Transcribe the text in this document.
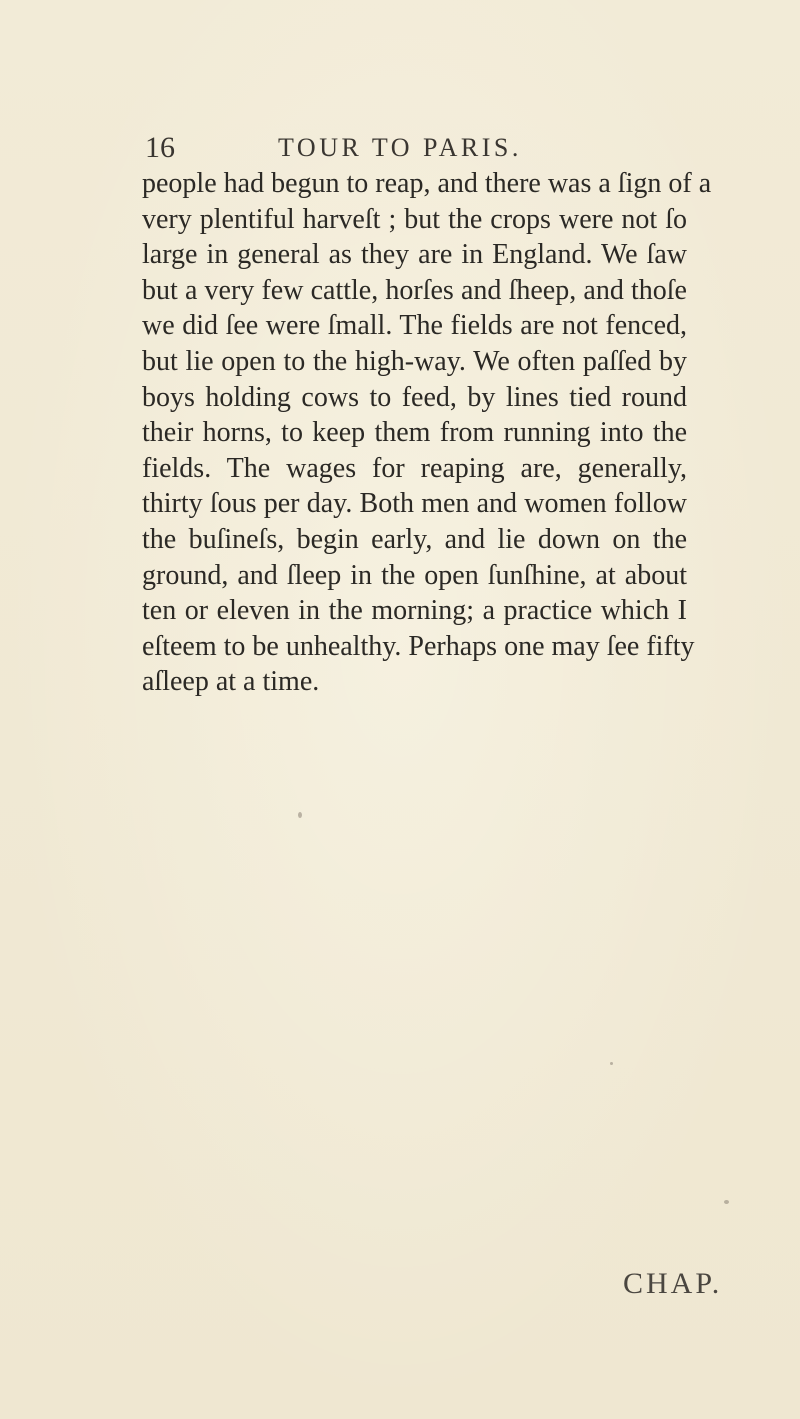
16	TOUR TO PARIS.
people had begun to reap, and there was a ſign of a
very plentiful harveſt ; but the crops were not ſo
large in general as they are in England. We ſaw
but a very few cattle, horſes and ſheep, and thoſe
we did ſee were ſmall. The fields are not fenced,
but lie open to the high-way. We often paſſed by
boys holding cows to feed, by lines tied round
their horns, to keep them from running into the
fields. The wages for reaping are, generally,
thirty ſous per day. Both men and women follow
the buſineſs, begin early, and lie down on the
ground, and ſleep in the open ſunſhine, at about
ten or eleven in the morning; a practice which I
eſteem to be unhealthy. Perhaps one may ſee fifty
aſleep at a time.
CHAP.
